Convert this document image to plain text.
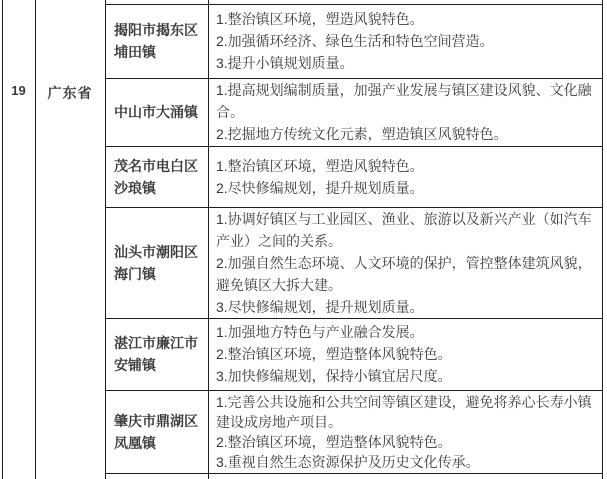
19	广东省
揭阳市揭东区埔田镇
1.整治镇区环境，塑造风貌特色。
2.加强循环经济、绿色生活和特色空间营造。
3.提升小镇规划质量。
中山市大涌镇
1.提高规划编制质量，加强产业发展与镇区建设风貌、文化融合。
2.挖掘地方传统文化元素，塑造镇区风貌特色。
茂名市电白区沙琅镇
1.整治镇区环境，塑造风貌特色。
2.尽快修编规划，提升规划质量。
汕头市潮阳区海门镇
1.协调好镇区与工业园区、渔业、旅游以及新兴产业（如汽车产业）之间的关系。
2.加强自然生态环境、人文环境的保护，管控整体建筑风貌，避免镇区大拆大建。
3.尽快修编规划，提升规划质量。
湛江市廉江市安铺镇
1.加强地方特色与产业融合发展。
2.整治镇区环境，塑造整体风貌特色。
3.加快修编规划，保持小镇宜居尺度。
肇庆市鼎湖区凤凰镇
1.完善公共设施和公共空间等镇区建设，避免将养心长寿小镇建设成房地产项目。
2.整治镇区环境，塑造整体风貌特色。
3.重视自然生态资源保护及历史文化传承。
